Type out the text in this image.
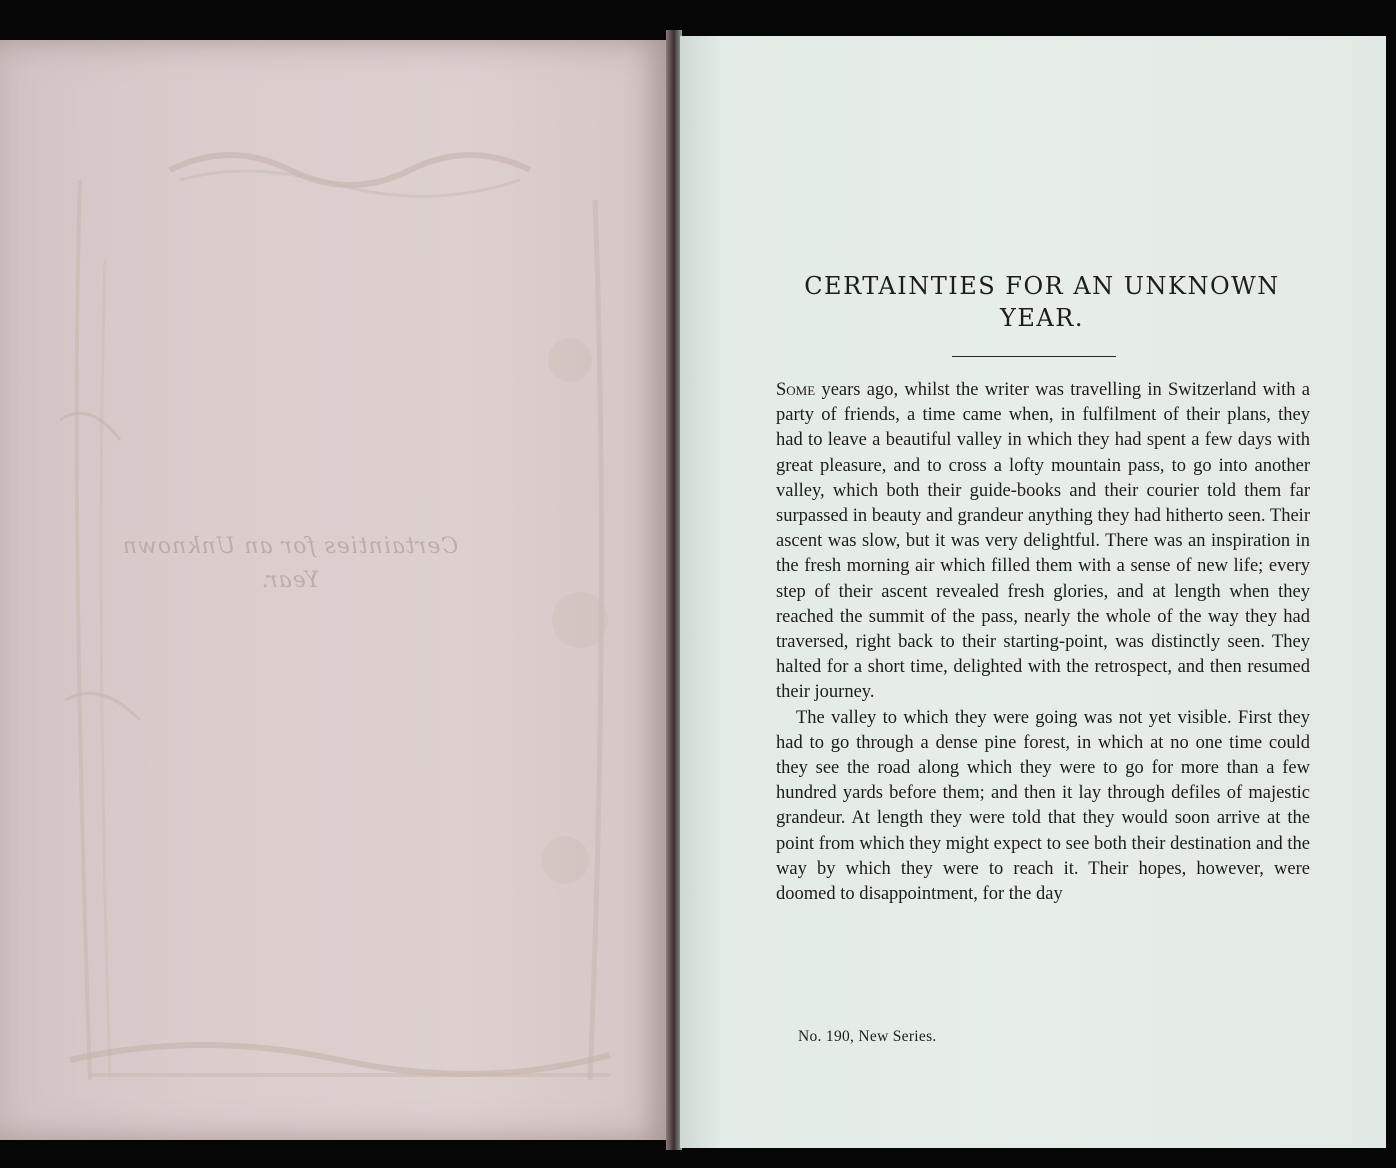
Certainties for an Unknown
Year.
CERTAINTIES FOR AN UNKNOWN YEAR.

Some years ago, whilst the writer was travelling in Switzerland with a party of friends, a time came when, in fulfilment of their plans, they had to leave a beautiful valley in which they had spent a few days with great pleasure, and to cross a lofty mountain pass, to go into another valley, which both their guide-books and their courier told them far surpassed in beauty and grandeur anything they had hitherto seen. Their ascent was slow, but it was very delightful. There was an inspiration in the fresh morning air which filled them with a sense of new life; every step of their ascent revealed fresh glories, and at length when they reached the summit of the pass, nearly the whole of the way they had traversed, right back to their starting-point, was distinctly seen. They halted for a short time, delighted with the retrospect, and then resumed their journey.

The valley to which they were going was not yet visible. First they had to go through a dense pine forest, in which at no one time could they see the road along which they were to go for more than a few hundred yards before them; and then it lay through defiles of majestic grandeur. At length they were told that they would soon arrive at the point from which they might expect to see both their destination and the way by which they were to reach it. Their hopes, however, were doomed to disappointment, for the day

No. 190, New Series.
